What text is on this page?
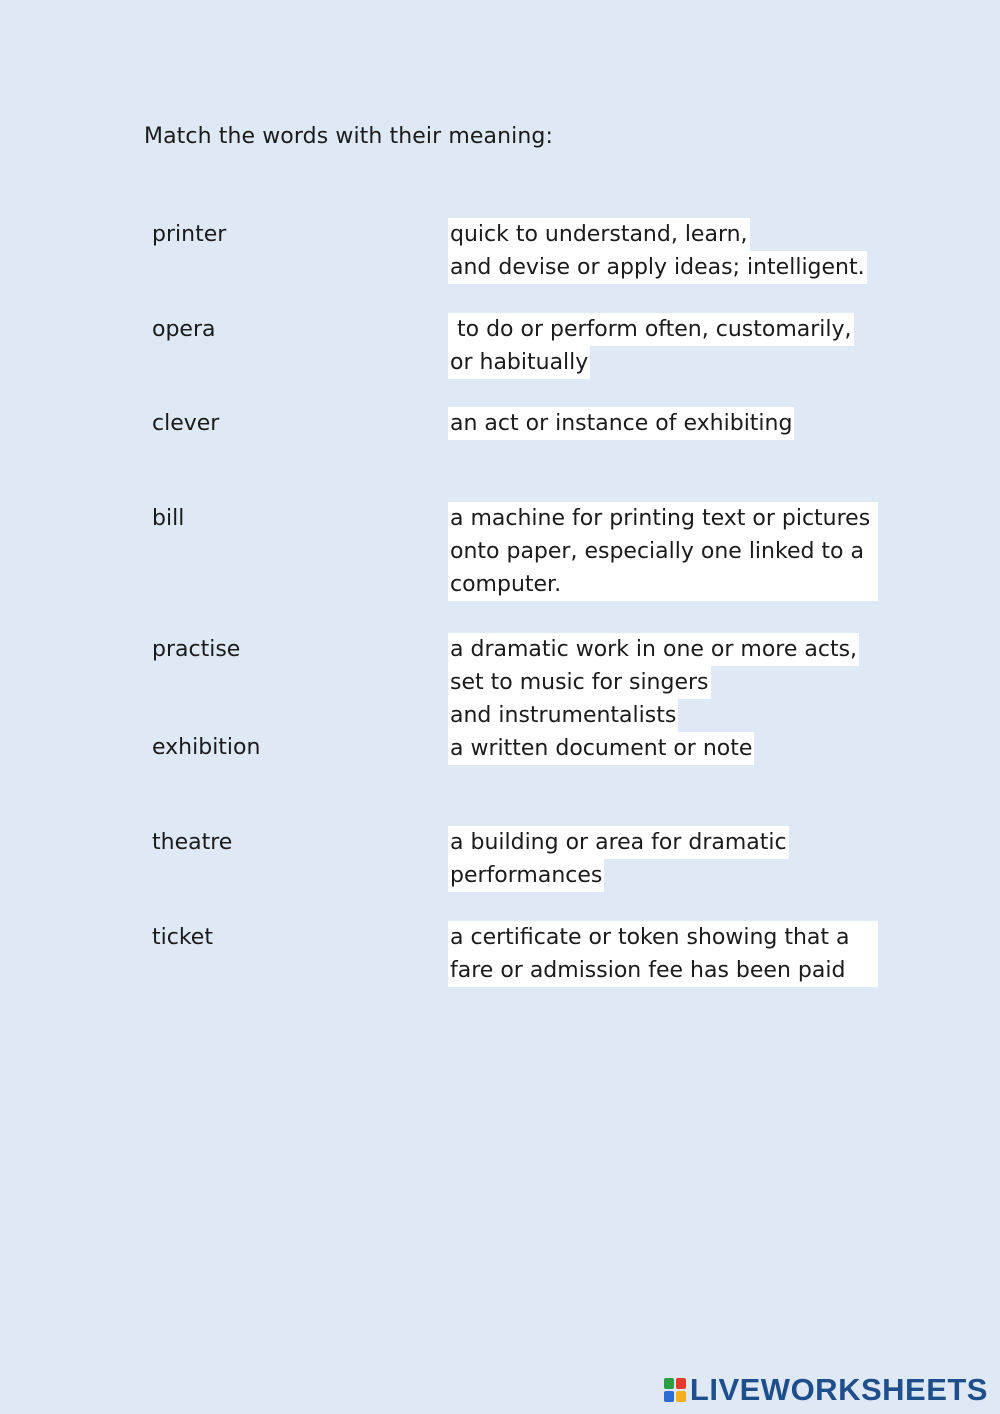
Match the words with their meaning:
printer
opera
clever
bill
practise
exhibition
theatre
ticket
quick to understand, learn,
and devise or apply ideas; intelligent.
to do or perform often, customarily,
or habitually
an act or instance of exhibiting
a machine for printing text or pictures
onto paper, especially one linked to a
computer.
a dramatic work in one or more acts,
set to music for singers
and instrumentalists
a written document or note
a building or area for dramatic
performances
a certificate or token showing that a
fare or admission fee has been paid
LIVEWORKSHEETS
